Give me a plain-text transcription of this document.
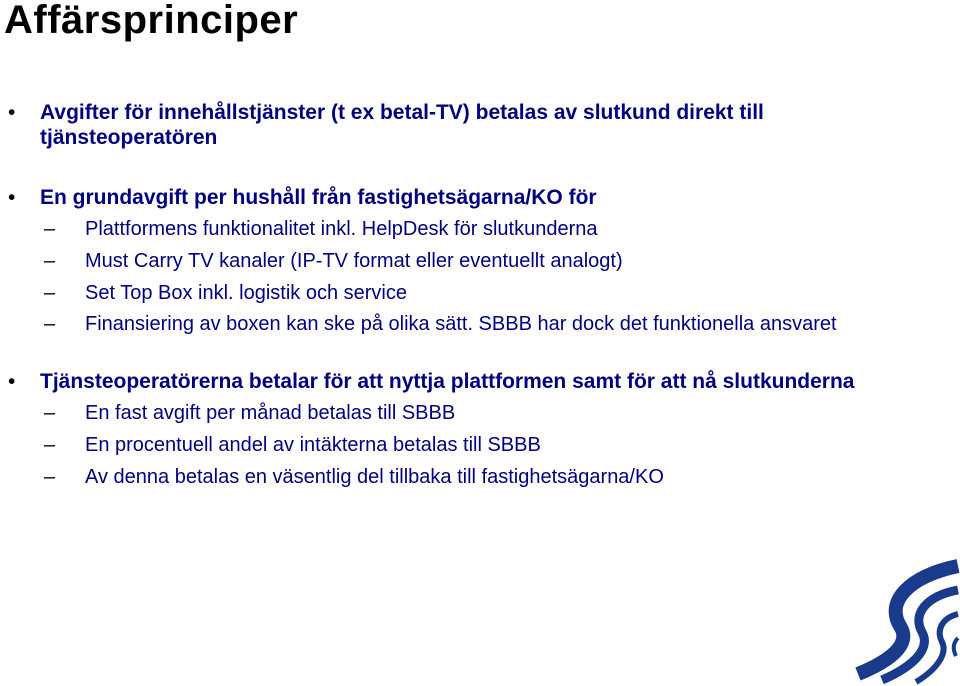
Affärsprinciper
• Avgifter för innehållstjänster (t ex betal-TV) betalas av slutkund direkt till tjänsteoperatören
• En grundavgift per hushåll från fastighetsägarna/KO för
– Plattformens funktionalitet inkl. HelpDesk för slutkunderna
– Must Carry TV kanaler (IP-TV format eller eventuellt analogt)
– Set Top Box inkl. logistik och service
– Finansiering av boxen kan ske på olika sätt. SBBB har dock det funktionella ansvaret
• Tjänsteoperatörerna betalar för att nyttja plattformen samt för att nå slutkunderna
– En fast avgift per månad betalas till SBBB
– En procentuell andel av intäkterna betalas till SBBB
– Av denna betalas en väsentlig del tillbaka till fastighetsägarna/KO
